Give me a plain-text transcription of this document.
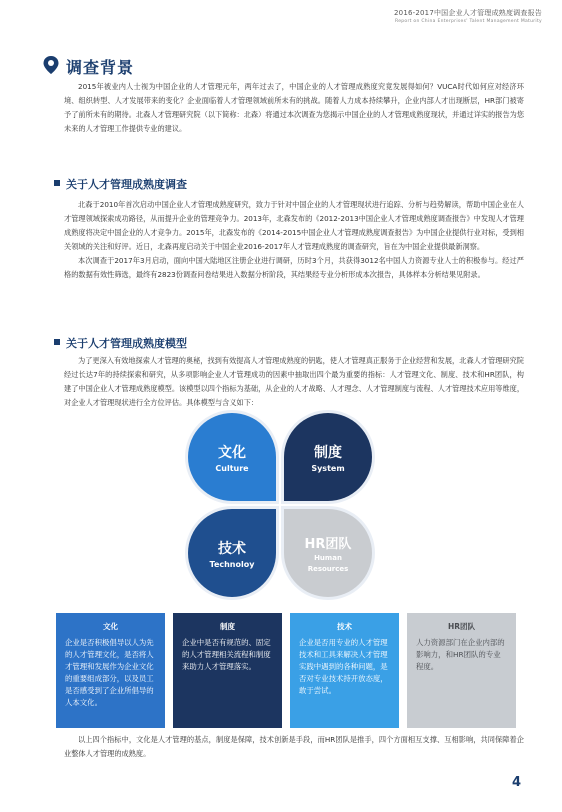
2016-2017中国企业人才管理成熟度调查报告
Report on China Enterprises' Talent Management Maturity
调查背景

2015年被业内人士视为中国企业的人才管理元年，两年过去了，中国企业的人才管理成熟度究竟发展得如何？VUCA时代如何应对经济环境、组织转型、人才发展带来的变化？企业面临着人才管理领域前所未有的挑战。随着人力成本持续攀升，企业内部人才出现断层，HR部门被寄予了前所未有的期待。北森人才管理研究院（以下简称：北森）将通过本次调查为您揭示中国企业的人才管理成熟度现状，并通过详实的报告为您未来的人才管理工作提供专业的建议。

关于人才管理成熟度调查

北森于2010年首次启动中国企业人才管理成熟度研究，致力于针对中国企业的人才管理现状进行追踪、分析与趋势解读，帮助中国企业在人才管理领域探索成功路径，从而提升企业的管理竞争力。2013年，北森发布的《2012-2013中国企业人才管理成熟度调查报告》中发现人才管理成熟度将决定中国企业的人才竞争力。2015年，北森发布的《2014-2015中国企业人才管理成熟度调查报告》为中国企业提供行业对标，受到相关领域的关注和好评。近日，北森再度启动关于中国企业2016-2017年人才管理成熟度的调查研究，旨在为中国企业提供最新洞察。

本次调查于2017年3月启动，面向中国大陆地区注册企业进行调研，历时3个月，共获得3012名中国人力资源专业人士的积极参与。经过严格的数据有效性筛选，最终有2823份调查问卷结果进入数据分析阶段，其结果经专业分析形成本次报告，具体样本分析结果见附录。

关于人才管理成熟度模型

为了更深入有效地探索人才管理的奥秘，找到有效提高人才管理成熟度的钥匙，使人才管理真正服务于企业经营和发展，北森人才管理研究院经过长达7年的持续探索和研究，从多项影响企业人才管理成功的因素中抽取出四个最为重要的指标：人才管理文化、制度、技术和HR团队，构建了中国企业人才管理成熟度模型。该模型以四个指标为基础，从企业的人才战略、人才理念、人才管理制度与流程、人才管理技术应用等维度，对企业人才管理现状进行全方位评估。具体模型与含义如下：

文化
Culture
制度
System
技术
Technoloy
HR团队
Human
Resources
文化
企业是否积极倡导以人为先的人才管理文化，是否将人才管理和发展作为企业文化的重要组成部分，以及员工是否感受到了企业所倡导的人本文化。
制度
企业中是否有规范的、固定的人才管理相关流程和制度来助力人才管理落实。
技术
企业是否用专业的人才管理技术和工具来解决人才管理实践中遇到的各种问题，是否对专业技术持开放态度，敢于尝试。
HR团队
人力资源部门在企业内部的影响力，和HR团队的专业程度。

以上四个指标中，文化是人才管理的基点，制度是保障，技术创新是手段，而HR团队是推手，四个方面相互支撑、互相影响，共同保障着企业整体人才管理的成熟度。

4
